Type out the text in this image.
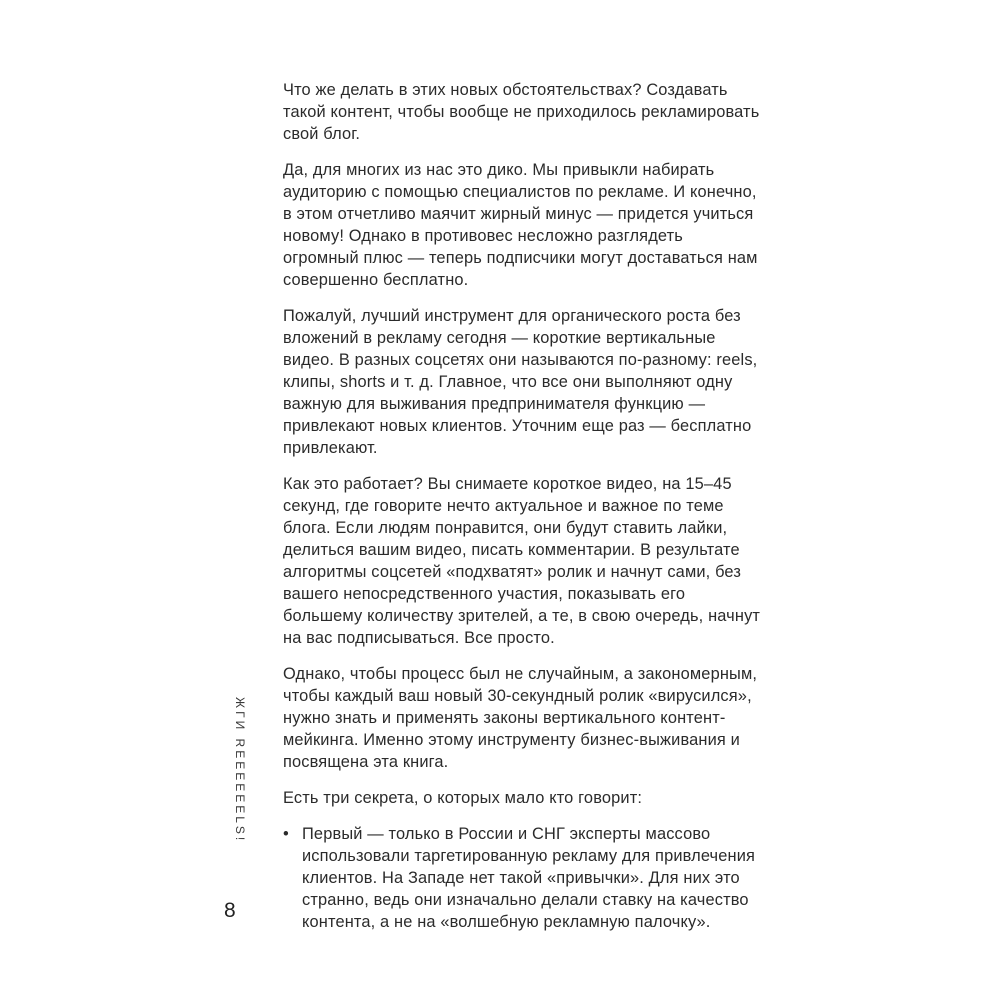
Что же делать в этих новых обстоятельствах? Создавать такой контент, чтобы вообще не приходилось рекламировать свой блог.

Да, для многих из нас это дико. Мы привыкли набирать аудиторию с помощью специалистов по рекламе. И конечно, в этом отчетливо маячит жирный минус — придется учиться новому! Однако в противовес несложно разглядеть огромный плюс — теперь подписчики могут доставаться нам совершенно бесплатно.

Пожалуй, лучший инструмент для органического роста без вложений в рекламу сегодня — короткие вертикальные видео. В разных соцсетях они называются по-разному: reels, клипы, shorts и т. д. Главное, что все они выполняют одну важную для выживания предпринимателя функцию — привлекают новых клиентов. Уточним еще раз — бесплатно привлекают.

Как это работает? Вы снимаете короткое видео, на 15–45 секунд, где говорите нечто актуальное и важное по теме блога. Если людям понравится, они будут ставить лайки, делиться вашим видео, писать комментарии. В результате алгоритмы соцсетей «подхватят» ролик и начнут сами, без вашего непосредственного участия, показывать его большему количеству зрителей, а те, в свою очередь, начнут на вас подписываться. Все просто.

Однако, чтобы процесс был не случайным, а закономерным, чтобы каждый ваш новый 30-секундный ролик «вирусился», нужно знать и применять законы вертикального контент-мейкинга. Именно этому инструменту бизнес-выживания и посвящена эта книга.

Есть три секрета, о которых мало кто говорит:

• Первый — только в России и СНГ эксперты массово использовали таргетированную рекламу для привлечения клиентов. На Западе нет такой «привычки». Для них это странно, ведь они изначально делали ставку на качество контента, а не на «волшебную рекламную палочку».
ЖГИ REEEEEELS!
8
